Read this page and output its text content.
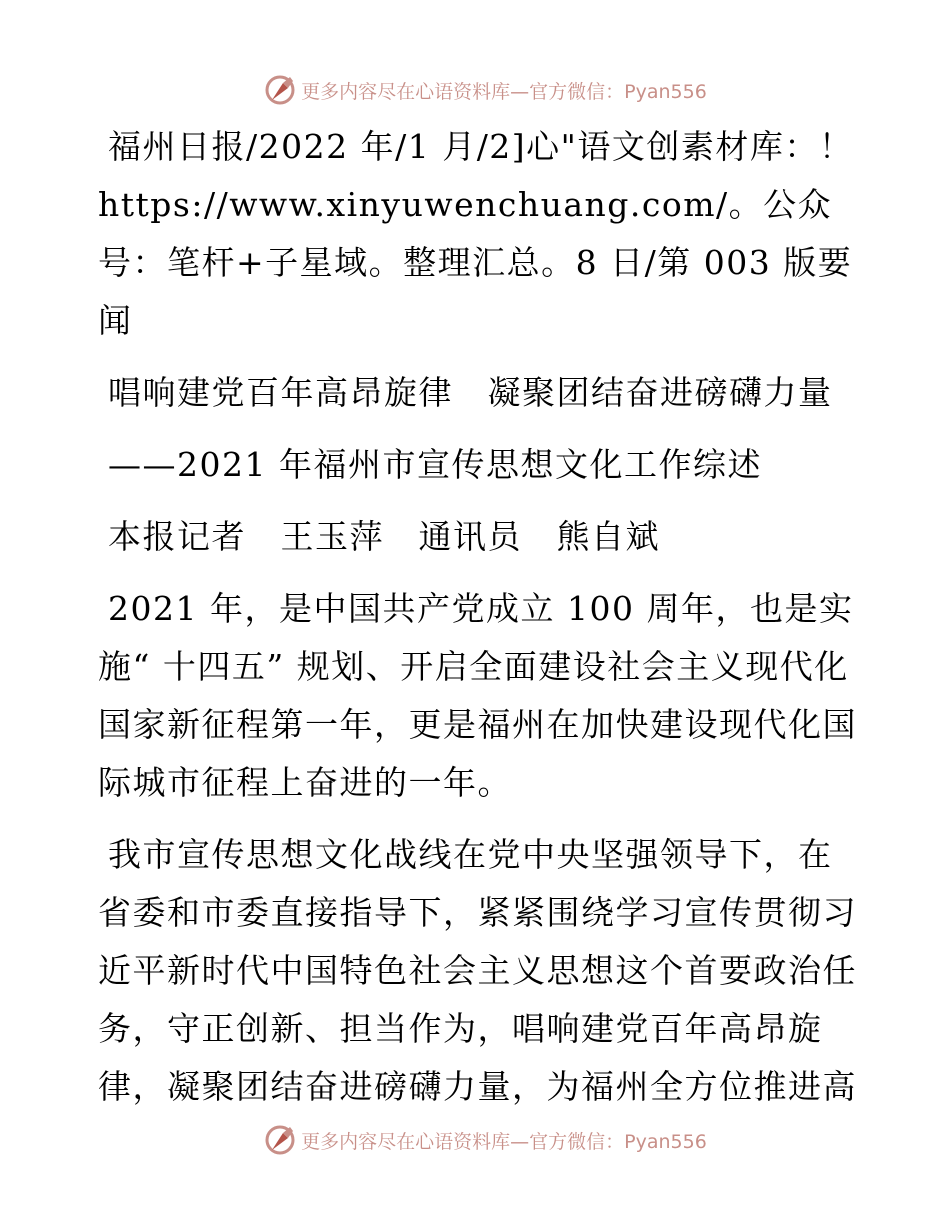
更多内容尽在心语资料库—官方微信：Pyan556

福州日报/2022 年/1 月/2]心"语文创素材库：！https://www.xinyuwenchuang.com/。公众号：笔杆+子星域。整理汇总。8 日/第 003 版要闻

唱响建党百年高昂旋律　凝聚团结奋进磅礴力量

——2021 年福州市宣传思想文化工作综述

本报记者　王玉萍　通讯员　熊自斌

2021 年，是中国共产党成立 100 周年，也是实施“ 十四五” 规划、开启全面建设社会主义现代化国家新征程第一年，更是福州在加快建设现代化国际城市征程上奋进的一年。

我市宣传思想文化战线在党中央坚强领导下，在省委和市委直接指导下，紧紧围绕学习宣传贯彻习近平新时代中国特色社会主义思想这个首要政治任务，守正创新、担当作为，唱响建党百年高昂旋律，凝聚团结奋进磅礴力量，为福州全方位推进高

更多内容尽在心语资料库—官方微信：Pyan556
